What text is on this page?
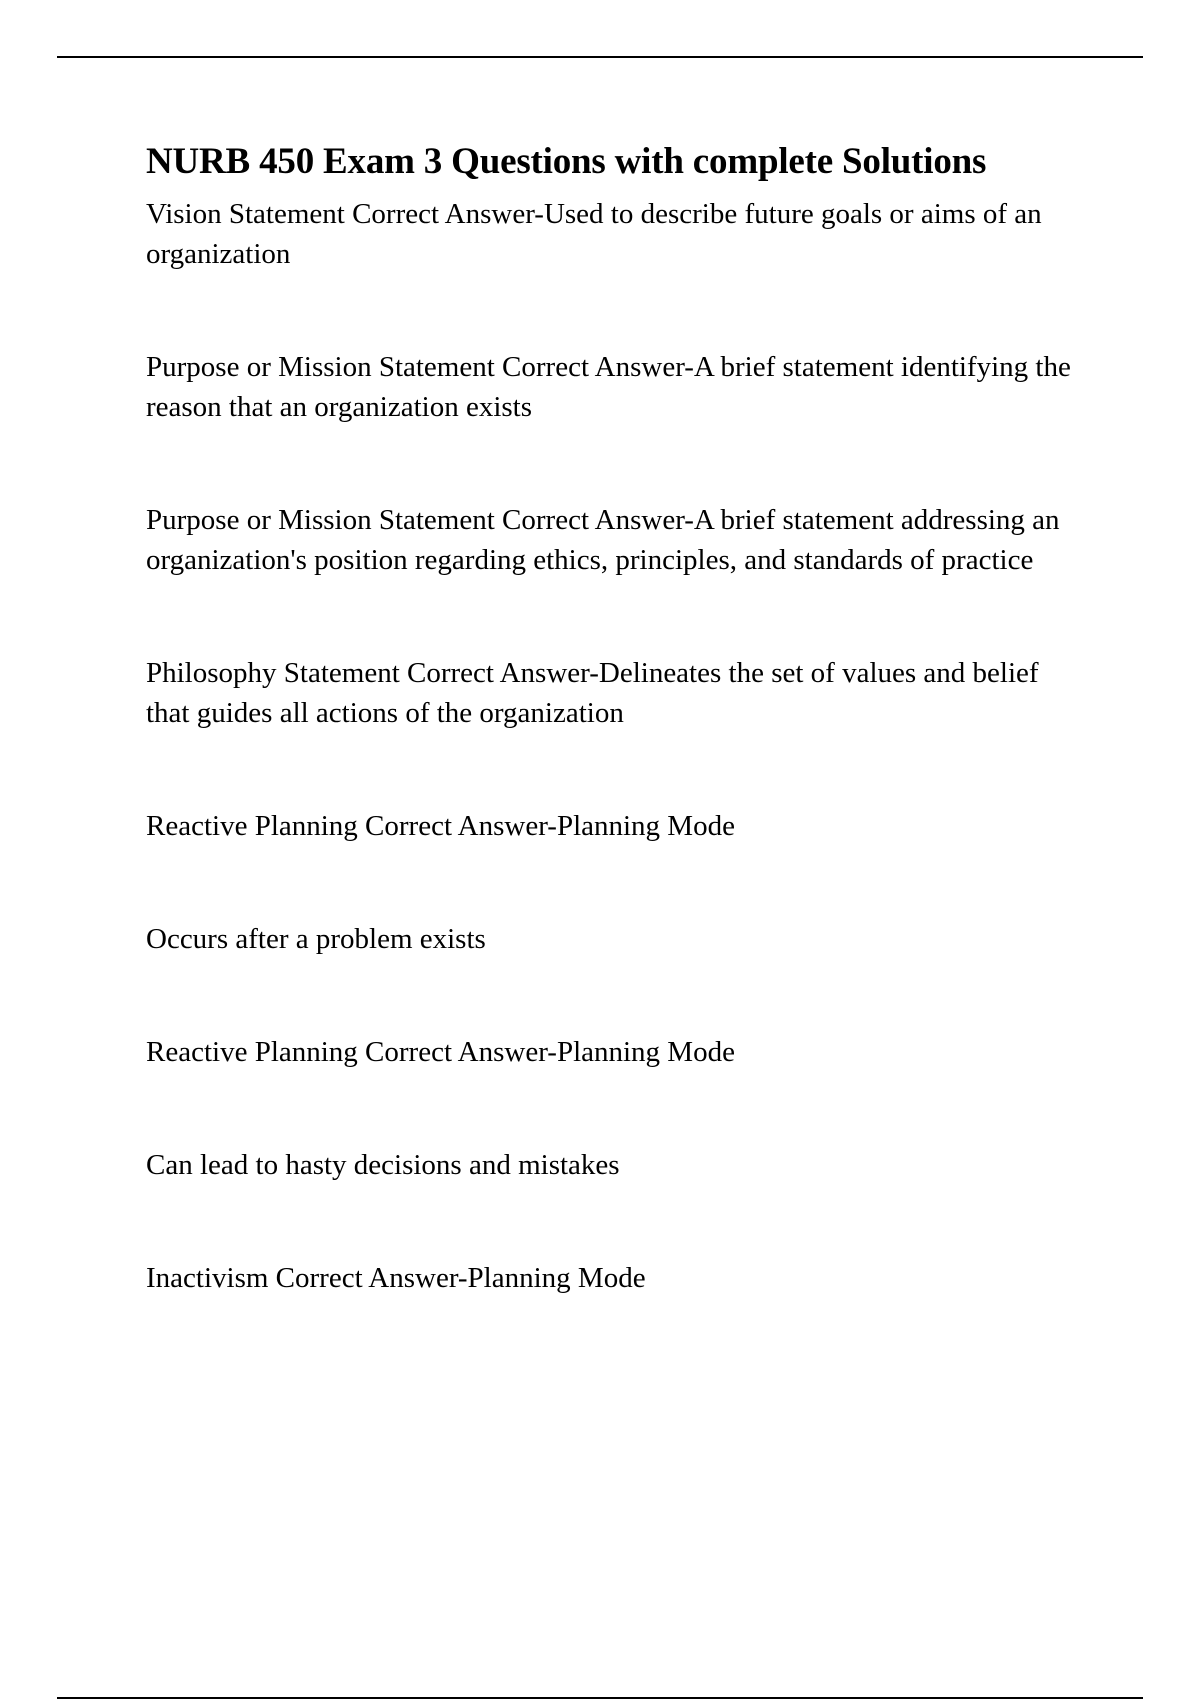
NURB 450 Exam 3 Questions with complete Solutions

Vision Statement Correct Answer-Used to describe future goals or aims of an organization

Purpose or Mission Statement Correct Answer-A brief statement identifying the reason that an organization exists

Purpose or Mission Statement Correct Answer-A brief statement addressing an organization's position regarding ethics, principles, and standards of practice

Philosophy Statement Correct Answer-Delineates the set of values and belief that guides all actions of the organization

Reactive Planning Correct Answer-Planning Mode

Occurs after a problem exists

Reactive Planning Correct Answer-Planning Mode

Can lead to hasty decisions and mistakes

Inactivism Correct Answer-Planning Mode
